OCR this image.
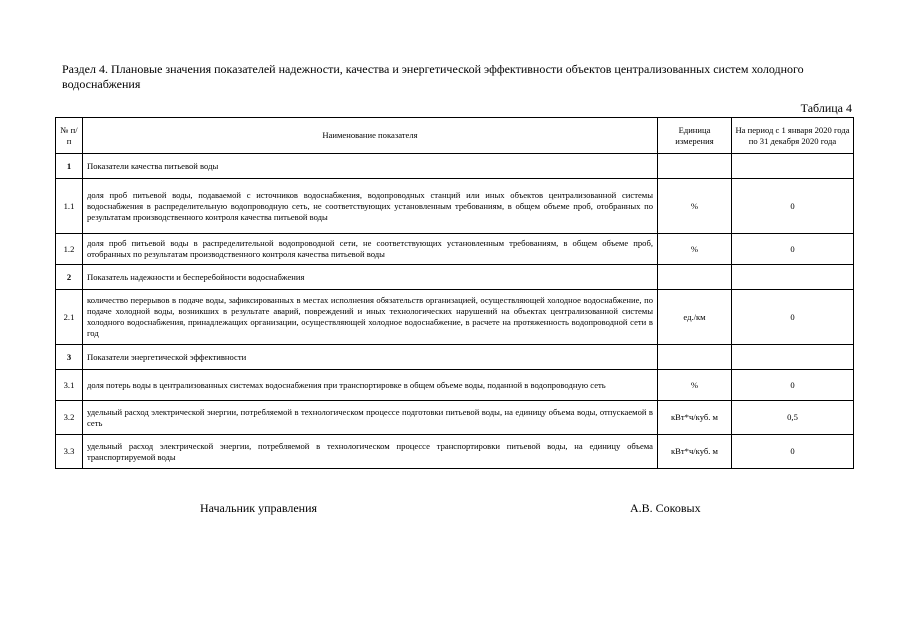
Раздел 4. Плановые значения показателей надежности, качества и энергетической эффективности объектов централизованных систем холодного водоснабжения
Таблица 4
№ п/п	Наименование показателя	Единица измерения	На период с 1 января 2020 года по 31 декабря 2020 года
1	Показатели качества питьевой воды		
1.1	доля проб питьевой воды, подаваемой с источников водоснабжения, водопроводных станций или иных объектов централизованной системы водоснабжения в распределительную водопроводную сеть, не соответствующих установленным требованиям, в общем объеме проб, отобранных по результатам производственного контроля качества питьевой воды	%	0
1.2	доля проб питьевой воды в распределительной водопроводной сети, не соответствующих установленным требованиям, в общем объеме проб, отобранных по результатам производственного контроля качества питьевой воды	%	0
2	Показатель надежности и бесперебойности водоснабжения		
2.1	количество перерывов в подаче воды, зафиксированных в местах исполнения обязательств организацией, осуществляющей холодное водоснабжение, по подаче холодной воды, возникших в результате аварий, повреждений и иных технологических нарушений на объектах централизованной системы холодного водоснабжения, принадлежащих организации, осуществляющей холодное водоснабжение, в расчете на протяженность водопроводной сети в год	ед./км	0
3	Показатели энергетической эффективности		
3.1	доля потерь воды в централизованных системах водоснабжения при транспортировке в общем объеме воды, поданной в водопроводную сеть	%	0
3.2	удельный расход электрической энергии, потребляемой в технологическом процессе подготовки питьевой воды, на единицу объема воды, отпускаемой в сеть	кВт*ч/куб. м	0,5
3.3	удельный расход электрической энергии, потребляемой в технологическом процессе транспортировки питьевой воды, на единицу объема транспортируемой воды	кВт*ч/куб. м	0
Начальник управления	А.В. Соковых
